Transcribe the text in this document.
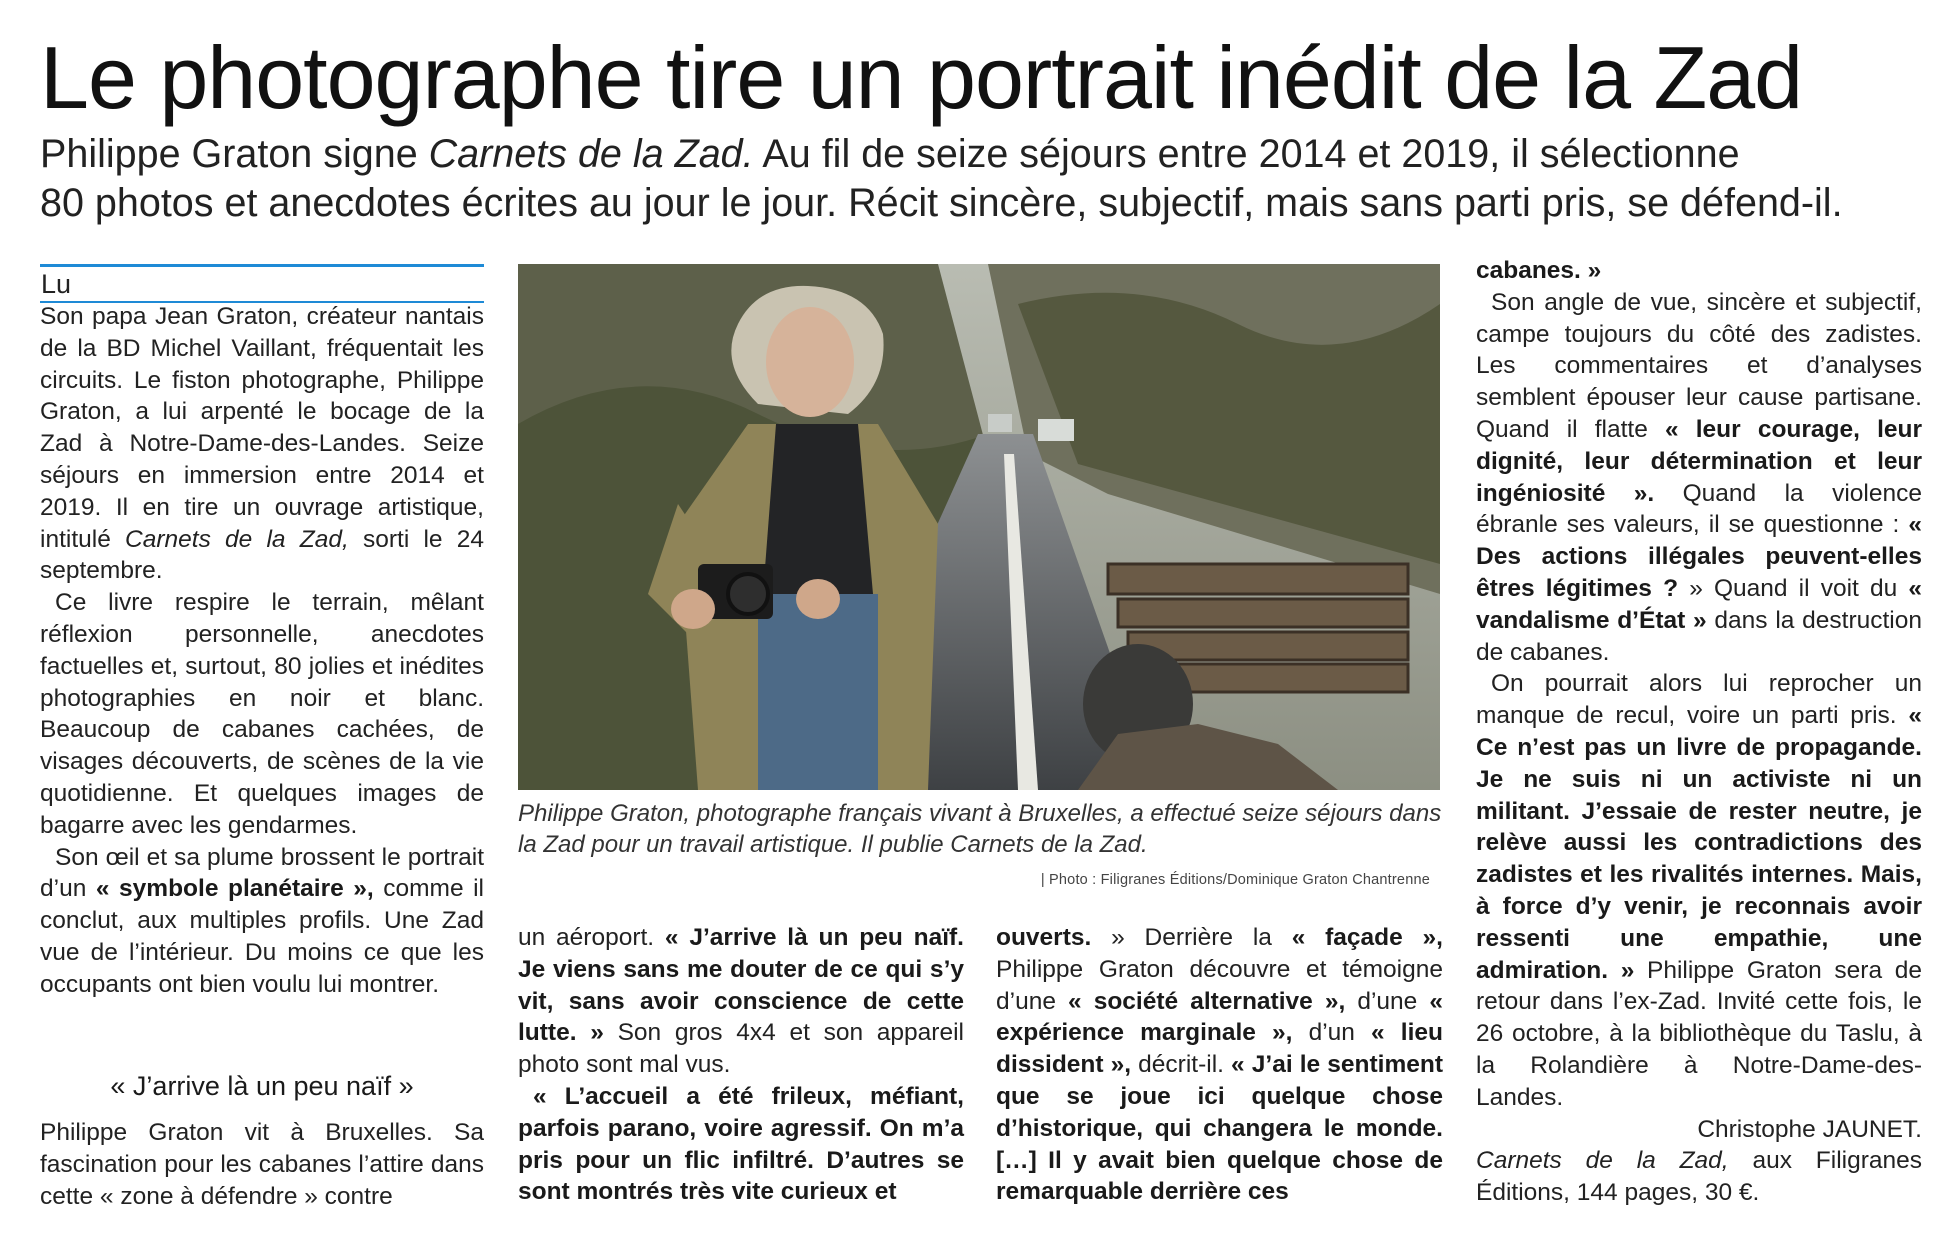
Le photographe tire un portrait inédit de la Zad

Philippe Graton signe Carnets de la Zad. Au fil de seize séjours entre 2014 et 2019, il sélectionne
80 photos et anecdotes écrites au jour le jour. Récit sincère, subjectif, mais sans parti pris, se défend-il.

Lu

Son papa Jean Graton, créateur nantais de la BD Michel Vaillant, fréquentait les circuits. Le fiston photographe, Philippe Graton, a lui arpenté le bocage de la Zad à Notre-Dame-des-Landes. Seize séjours en immersion entre 2014 et 2019. Il en tire un ouvrage artistique, intitulé Carnets de la Zad, sorti le 24 septembre.

Ce livre respire le terrain, mêlant réflexion personnelle, anecdotes factuelles et, surtout, 80 jolies et inédites photographies en noir et blanc. Beaucoup de cabanes cachées, de visages découverts, de scènes de la vie quotidienne. Et quelques images de bagarre avec les gendarmes.

Son œil et sa plume brossent le portrait d’un « symbole planétaire », comme il conclut, aux multiples profils. Une Zad vue de l’intérieur. Du moins ce que les occupants ont bien voulu lui montrer.

« J’arrive là un peu naïf »

Philippe Graton vit à Bruxelles. Sa fascination pour les cabanes l’attire dans cette « zone à défendre » contre

Philippe Graton, photographe français vivant à Bruxelles, a effectué seize séjours dans la Zad pour un travail artistique. Il publie Carnets de la Zad.
| Photo : Filigranes Éditions/Dominique Graton Chantrenne

un aéroport. « J’arrive là un peu naïf. Je viens sans me douter de ce qui s’y vit, sans avoir conscience de cette lutte. » Son gros 4x4 et son appareil photo sont mal vus.

« L’accueil a été frileux, méfiant, parfois parano, voire agressif. On m’a pris pour un flic infiltré. D’autres se sont montrés très vite curieux et

ouverts. » Derrière la « façade », Philippe Graton découvre et témoigne d’une « société alternative », d’une « expérience marginale », d’un « lieu dissident », décrit-il. « J’ai le sentiment que se joue ici quelque chose d’historique, qui changera le monde. […] Il y avait bien quelque chose de remarquable derrière ces

cabanes. »

Son angle de vue, sincère et subjectif, campe toujours du côté des zadistes. Les commentaires et d’analyses semblent épouser leur cause partisane. Quand il flatte « leur courage, leur dignité, leur détermination et leur ingéniosité ». Quand la violence ébranle ses valeurs, il se questionne : « Des actions illégales peuvent-elles êtres légitimes ? » Quand il voit du « vandalisme d’État » dans la destruction de cabanes.

On pourrait alors lui reprocher un manque de recul, voire un parti pris. « Ce n’est pas un livre de propagande. Je ne suis ni un activiste ni un militant. J’essaie de rester neutre, je relève aussi les contradictions des zadistes et les rivalités internes. Mais, à force d’y venir, je reconnais avoir ressenti une empathie, une admiration. » Philippe Graton sera de retour dans l’ex-Zad. Invité cette fois, le 26 octobre, à la bibliothèque du Taslu, à la Rolandière à Notre-Dame-des-Landes.

Christophe JAUNET.

Carnets de la Zad, aux Filigranes Éditions, 144 pages, 30 €.
